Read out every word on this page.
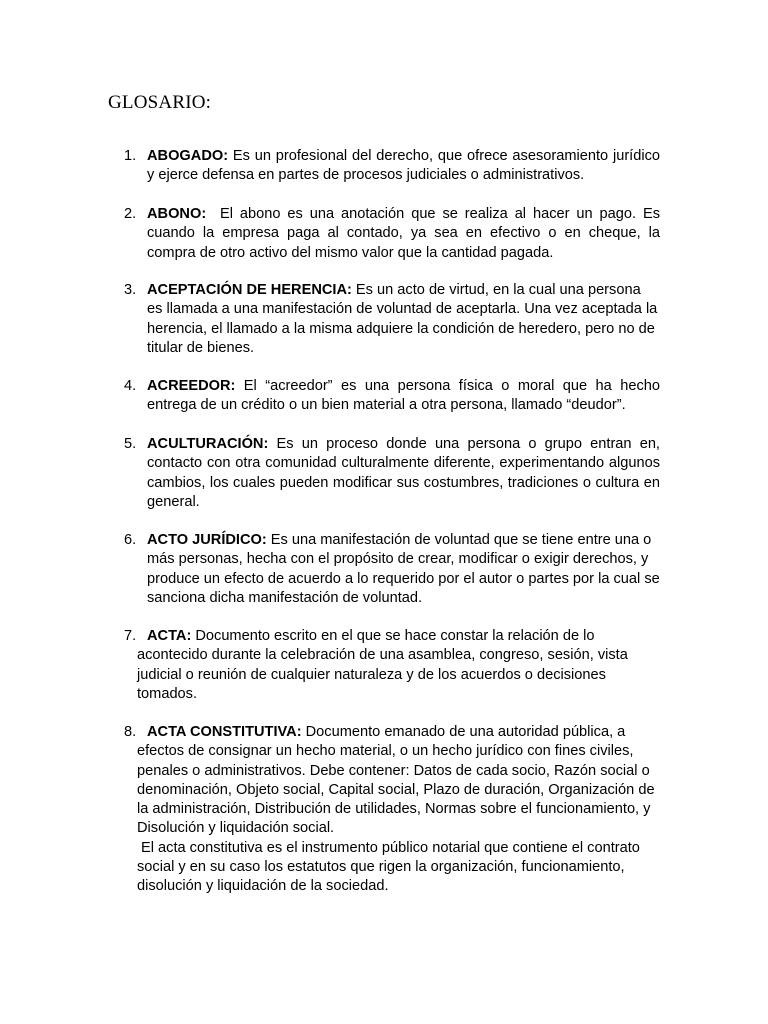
GLOSARIO:
1. ABOGADO: Es un profesional del derecho, que ofrece asesoramiento jurídico y ejerce defensa en partes de procesos judiciales o administrativos.
2. ABONO:  El abono es una anotación que se realiza al hacer un pago. Es cuando la empresa paga al contado, ya sea en efectivo o en cheque, la compra de otro activo del mismo valor que la cantidad pagada.
3. ACEPTACIÓN DE HERENCIA: Es un acto de virtud, en la cual una persona es llamada a una manifestación de voluntad de aceptarla. Una vez aceptada la herencia, el llamado a la misma adquiere la condición de heredero, pero no de titular de bienes.
4. ACREEDOR: El “acreedor” es una persona física o moral que ha hecho entrega de un crédito o un bien material a otra persona, llamado “deudor”.
5. ACULTURACIÓN: Es un proceso donde una persona o grupo entran en, contacto con otra comunidad culturalmente diferente, experimentando algunos cambios, los cuales pueden modificar sus costumbres, tradiciones o cultura en general.
6. ACTO JURÍDICO: Es una manifestación de voluntad que se tiene entre una o más personas, hecha con el propósito de crear, modificar o exigir derechos, y produce un efecto de acuerdo a lo requerido por el autor o partes por la cual se sanciona dicha manifestación de voluntad.
7. ACTA: Documento escrito en el que se hace constar la relación de lo acontecido durante la celebración de una asamblea, congreso, sesión, vista judicial o reunión de cualquier naturaleza y de los acuerdos o decisiones tomados.
8. ACTA CONSTITUTIVA: Documento emanado de una autoridad pública, a efectos de consignar un hecho material, o un hecho jurídico con fines civiles, penales o administrativos. Debe contener: Datos de cada socio, Razón social o denominación, Objeto social, Capital social, Plazo de duración, Organización de la administración, Distribución de utilidades, Normas sobre el funcionamiento, y Disolución y liquidación social.
El acta constitutiva es el instrumento público notarial que contiene el contrato social y en su caso los estatutos que rigen la organización, funcionamiento, disolución y liquidación de la sociedad.
